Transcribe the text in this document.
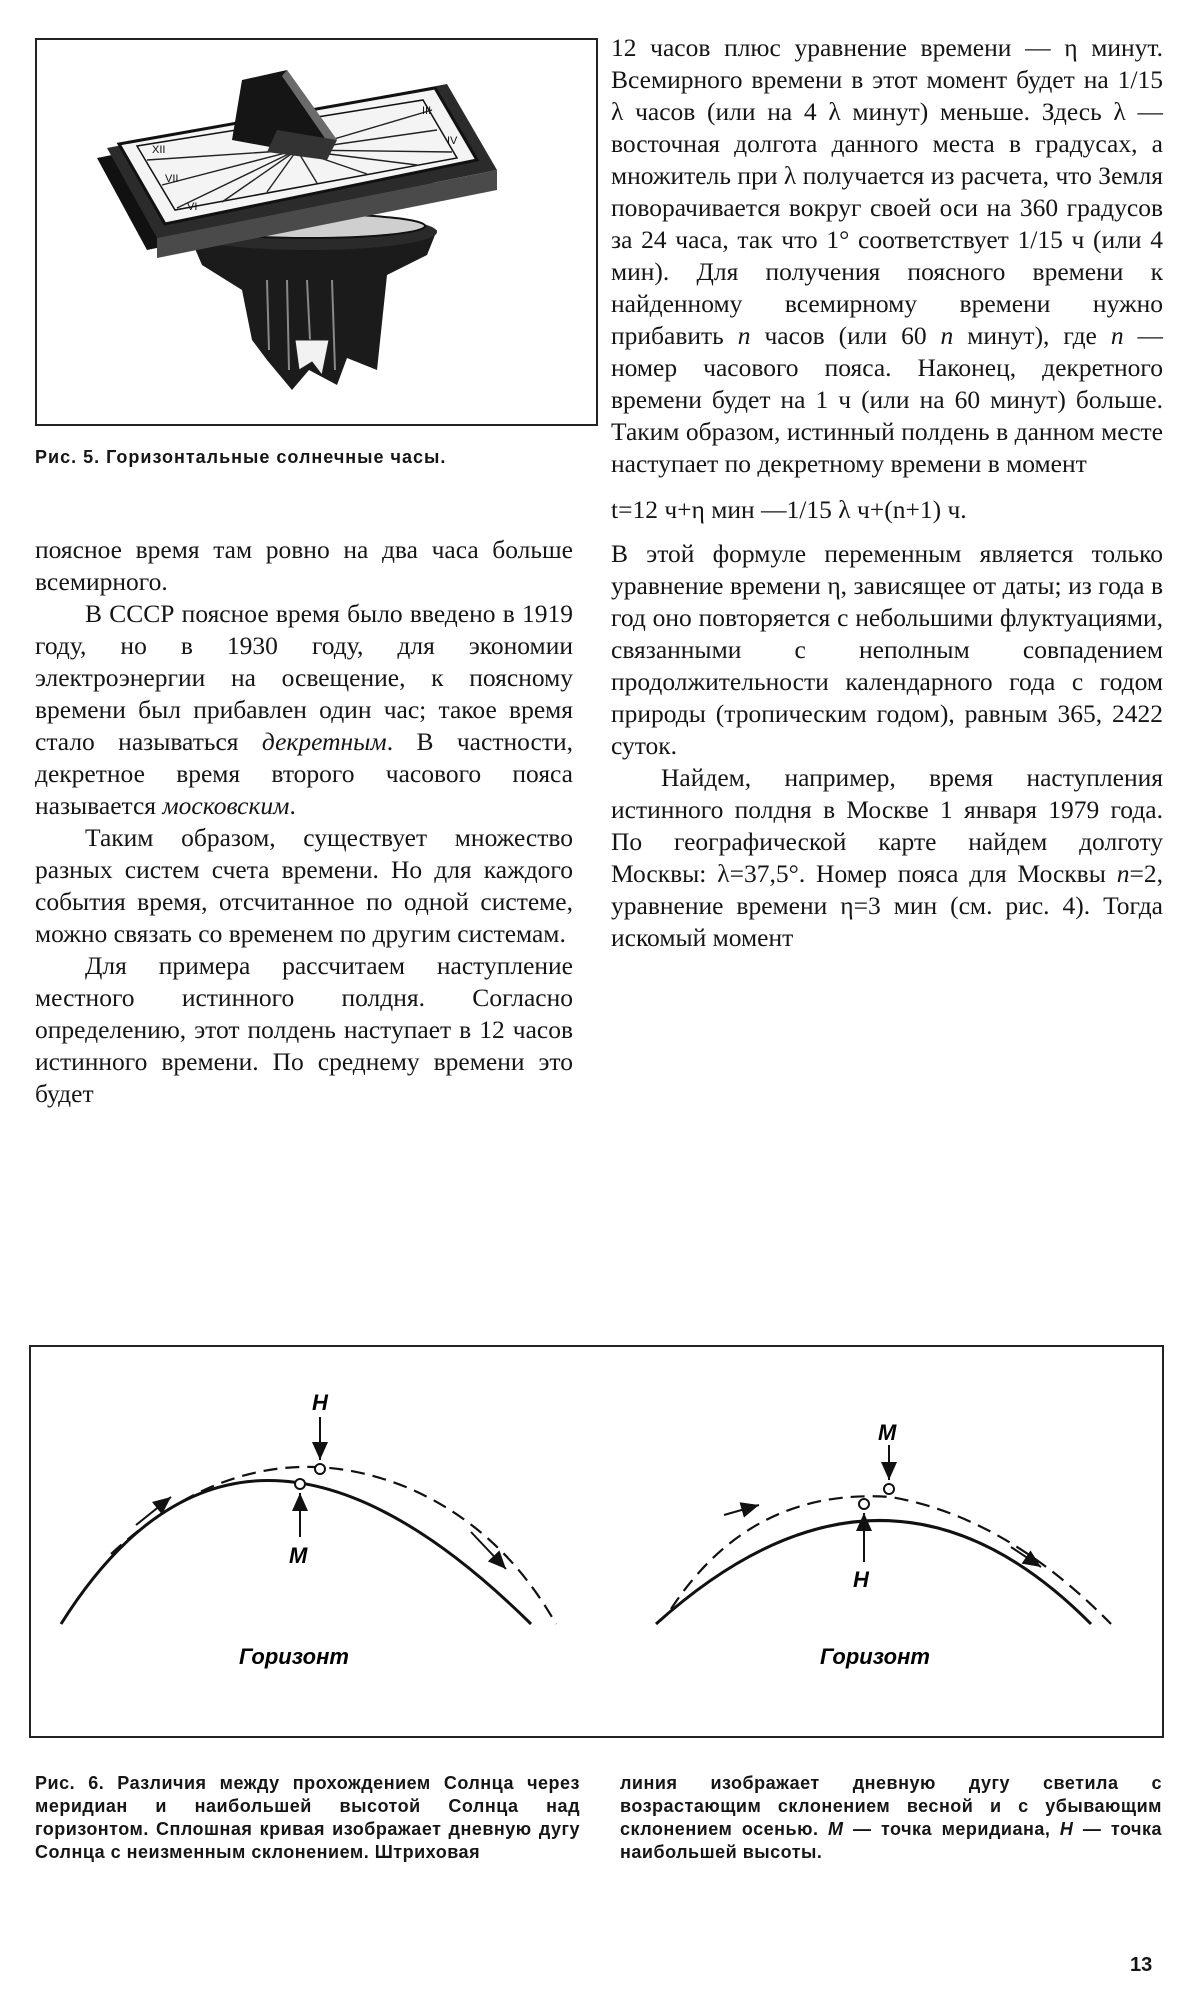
XII
VII
VI
IV
III
Рис. 5. Горизонтальные солнечные часы.

поясное время там ровно на два часа больше всемирного.

В СССР поясное время было введено в 1919 году, но в 1930 году, для экономии электроэнергии на освещение, к поясному времени был прибавлен один час; такое время стало называться декретным. В частности, декретное время второго часового пояса называется московским.

Таким образом, существует множество разных систем счета времени. Но для каждого события время, отсчитанное по одной системе, можно связать со временем по другим системам.

Для примера рассчитаем наступление местного истинного полдня. Согласно определению, этот полдень наступает в 12 часов истинного времени. По среднему времени это будет

12 часов плюс уравнение времени — η минут. Всемирного времени в этот момент будет на 1/15 λ часов (или на 4 λ минут) меньше. Здесь λ — восточная долгота данного места в градусах, а множитель при λ получается из расчета, что Земля поворачивается вокруг своей оси на 360 градусов за 24 часа, так что 1° соответствует 1/15 ч (или 4 мин). Для получения поясного времени к найденному всемирному времени нужно прибавить n часов (или 60 n минут), где n — номер часового пояса. Наконец, декретного времени будет на 1 ч (или на 60 минут) больше. Таким образом, истинный полдень в данном месте наступает по декретному времени в момент

t=12 ч+η мин —1/15 λ ч+(n+1) ч.

В этой формуле переменным является только уравнение времени η, зависящее от даты; из года в год оно повторяется с небольшими флуктуациями, связанными с неполным совпадением продолжительности календарного года с годом природы (тропическим годом), равным 365, 2422 суток.

Найдем, например, время наступления истинного полдня в Москве 1 января 1979 года. По географической карте найдем долготу Москвы: λ=37,5°. Номер пояса для Москвы n=2, уравнение времени η=3 мин (см. рис. 4). Тогда искомый момент

H
M
Горизонт
M
H
Горизонт
Рис. 6. Различия между прохождением Солнца через меридиан и наибольшей высотой Солнца над горизонтом. Сплошная кривая изображает дневную дугу Солнца с неизменным склонением. Штриховая
линия изображает дневную дугу светила с возрастающим склонением весной и с убывающим склонением осенью. M — точка меридиана, H — точка наибольшей высоты.
13
